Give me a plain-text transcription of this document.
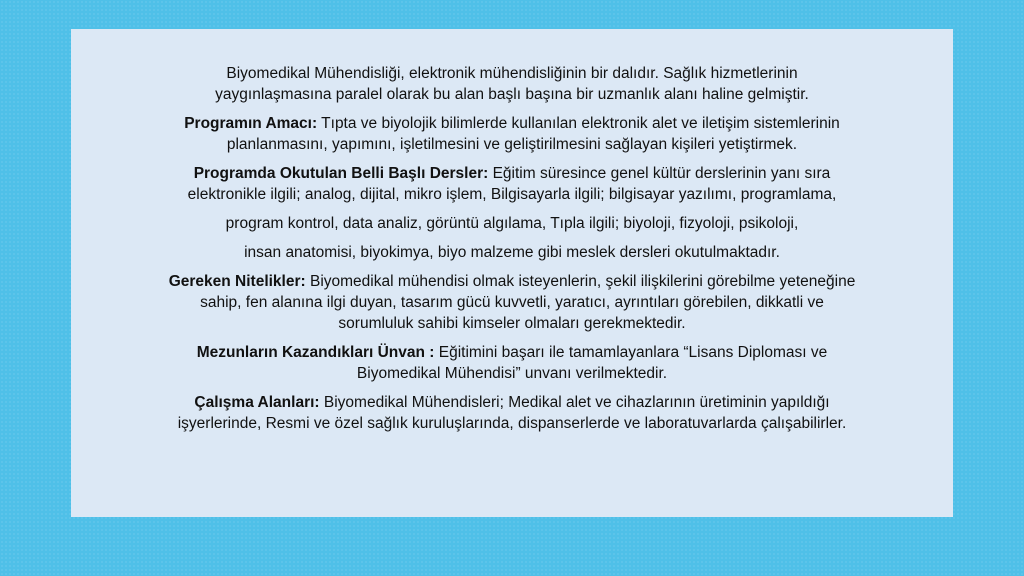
Biyomedikal Mühendisliği, elektronik mühendisliğinin bir dalıdır. Sağlık hizmetlerinin
yaygınlaşmasına paralel olarak bu alan başlı başına bir uzmanlık alanı haline gelmiştir.

Programın Amacı: Tıpta ve biyolojik bilimlerde kullanılan elektronik alet ve iletişim sistemlerinin
planlanmasını, yapımını, işletilmesini ve geliştirilmesini sağlayan kişileri yetiştirmek.

Programda Okutulan Belli Başlı Dersler: Eğitim süresince genel kültür derslerinin yanı sıra
elektronikle ilgili; analog, dijital, mikro işlem, Bilgisayarla ilgili; bilgisayar yazılımı, programlama,

program kontrol, data analiz, görüntü algılama, Tıpla ilgili; biyoloji, fizyoloji, psikoloji,

insan anatomisi, biyokimya, biyo malzeme gibi meslek dersleri okutulmaktadır.

Gereken Nitelikler: Biyomedikal mühendisi olmak isteyenlerin, şekil ilişkilerini görebilme yeteneğine
sahip, fen alanına ilgi duyan, tasarım gücü kuvvetli, yaratıcı, ayrıntıları görebilen, dikkatli ve
sorumluluk sahibi kimseler olmaları gerekmektedir.

Mezunların Kazandıkları Ünvan : Eğitimini başarı ile tamamlayanlara “Lisans Diploması ve
Biyomedikal Mühendisi” unvanı verilmektedir.

Çalışma Alanları: Biyomedikal Mühendisleri; Medikal alet ve cihazlarının üretiminin yapıldığı
işyerlerinde, Resmi ve özel sağlık kuruluşlarında, dispanserlerde ve laboratuvarlarda çalışabilirler.
